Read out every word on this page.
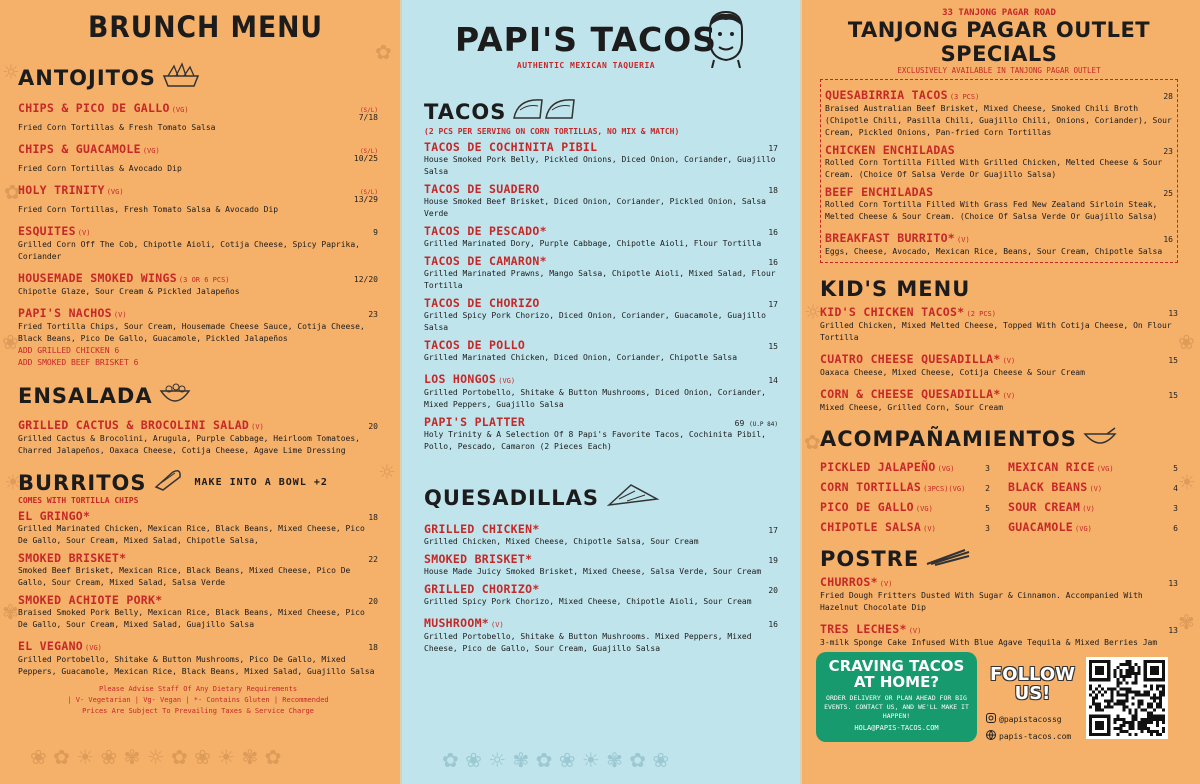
☼
✿
❀
☀
✾
✿
☼
❀ ✿ ☀ ❀ ✾ ☼ ✿ ❀ ☀ ✾ ✿
BRUNCH MENU
ANTOJITOS
CHIPS & PICO DE GALLO (VG)	(S/L)
7/18
Fried Corn Tortillas & Fresh Tomato Salsa
CHIPS & GUACAMOLE (VG)	(S/L)
10/25
Fried Corn Tortillas & Avocado Dip
HOLY TRINITY (VG)	(S/L)
13/29
Fried Corn Tortillas, Fresh Tomato Salsa & Avocado Dip
ESQUITES (V)	9
Grilled Corn Off The Cob, Chipotle Aioli, Cotija Cheese, Spicy Paprika, Coriander
HOUSEMADE SMOKED WINGS (3 OR 6 PCS)	12/20
Chipotle Glaze, Sour Cream & Pickled Jalapeños
PAPI'S NACHOS (V)	23
Fried Tortilla Chips, Sour Cream, Housemade Cheese Sauce, Cotija Cheese, Black Beans, Pico De Gallo, Guacamole, Pickled Jalapeños
ADD GRILLED CHICKEN 6
ADD SMOKED BEEF BRISKET 6
ENSALADA
GRILLED CACTUS & BROCOLINI SALAD (V)	20
Grilled Cactus & Brocolini, Arugula, Purple Cabbage, Heirloom Tomatoes, Charred Jalapeños, Oaxaca Cheese, Cotija Cheese, Agave Lime Dressing
BURRITOS	MAKE INTO A BOWL +2
COMES WITH TORTILLA CHIPS
EL GRINGO*	18
Grilled Marinated Chicken, Mexican Rice, Black Beans, Mixed Cheese, Pico De Gallo, Sour Cream, Mixed Salad, Chipotle Salsa,
SMOKED BRISKET*	22
Smoked Beef Brisket, Mexican Rice, Black Beans, Mixed Cheese, Pico De Gallo, Sour Cream, Mixed Salad, Salsa Verde
SMOKED ACHIOTE PORK*	20
Braised Smoked Pork Belly, Mexican Rice, Black Beans, Mixed Cheese, Pico De Gallo, Sour Cream, Mixed Salad, Guajillo Salsa
EL VEGANO (VG)	18
Grilled Portobello, Shitake & Button Mushrooms, Pico De Gallo, Mixed Peppers, Guacamole, Mexican Rice, Black Beans, Mixed Salad, Guajillo Salsa
Please Advise Staff Of Any Dietary Requirements
| V- Vegetarian | Vg- Vegan | *- Contains Gluten | Recommended
Prices Are Subject To Prevailing Taxes & Service Charge
✿ ❀ ☼ ✾ ✿ ❀ ☀ ✾ ✿ ❀
PAPI'S TACOS
AUTHENTIC MEXICAN TAQUERIA
TACOS
(2 PCS PER SERVING ON CORN TORTILLAS, NO MIX & MATCH)
TACOS DE COCHINITA PIBIL	17
House Smoked Pork Belly, Pickled Onions, Diced Onion, Coriander, Guajillo Salsa
TACOS DE SUADERO	18
House Smoked Beef Brisket, Diced Onion, Coriander, Pickled Onion, Salsa Verde
TACOS DE PESCADO*	16
Grilled Marinated Dory, Purple Cabbage, Chipotle Aioli, Flour Tortilla
TACOS DE CAMARON*	16
Grilled Marinated Prawns, Mango Salsa, Chipotle Aioli, Mixed Salad, Flour Tortilla
TACOS DE CHORIZO	17
Grilled Spicy Pork Chorizo, Diced Onion, Coriander, Guacamole, Guajillo Salsa
TACOS DE POLLO	15
Grilled Marinated Chicken, Diced Onion, Coriander, Chipotle Salsa
LOS HONGOS (VG)	14
Grilled Portobello, Shitake & Button Mushrooms, Diced Onion, Coriander, Mixed Peppers, Guajillo Salsa
PAPI'S PLATTER	69 (U.P 84)
Holy Trinity & A Selection Of 8 Papi's Favorite Tacos, Cochinita Pibil, Pollo, Pescado, Camaron (2 Pieces Each)
QUESADILLAS
GRILLED CHICKEN*	17
Grilled Chicken, Mixed Cheese, Chipotle Salsa, Sour Cream
SMOKED BRISKET*	19
House Made Juicy Smoked Brisket, Mixed Cheese, Salsa Verde, Sour Cream
GRILLED CHORIZO*	20
Grilled Spicy Pork Chorizo, Mixed Cheese, Chipotle Aioli, Sour Cream
MUSHROOM* (V)	16
Grilled Portobello, Shitake & Button Mushrooms. Mixed Peppers, Mixed Cheese, Pico de Gallo, Sour Cream, Guajillo Salsa
☼
✿
❀
☀
✾
33 TANJONG PAGAR ROAD
TANJONG PAGAR OUTLET SPECIALS
EXCLUSIVELY AVAILABLE IN TANJONG PAGAR OUTLET
QUESABIRRIA TACOS (3 PCS)	28
Braised Australian Beef Brisket, Mixed Cheese, Smoked Chili Broth (Chipotle Chili, Pasilla Chili, Guajillo Chili, Onions, Coriander), Sour Cream, Pickled Onions, Pan-fried Corn Tortillas
CHICKEN ENCHILADAS	23
Rolled Corn Tortilla Filled With Grilled Chicken, Melted Cheese & Sour Cream. (Choice Of Salsa Verde Or Guajillo Salsa)
BEEF ENCHILADAS	25
Rolled Corn Tortilla Filled With Grass Fed New Zealand Sirloin Steak, Melted Cheese & Sour Cream. (Choice Of Salsa Verde Or Guajillo Salsa)
BREAKFAST BURRITO* (V)	16
Eggs, Cheese, Avocado, Mexican Rice, Beans, Sour Cream, Chipotle Salsa
KID'S MENU
KID'S CHICKEN TACOS* (2 PCS)	13
Grilled Chicken, Mixed Melted Cheese, Topped With Cotija Cheese, On Flour Tortilla
CUATRO CHEESE QUESADILLA* (V)	15
Oaxaca Cheese, Mixed Cheese, Cotija Cheese & Sour Cream
CORN & CHEESE QUESADILLA* (V)	15
Mixed Cheese, Grilled Corn, Sour Cream
ACOMPAÑAMIENTOS
PICKLED JALAPEÑO (VG)	3 MEXICAN RICE (VG)	5
CORN TORTILLAS (3PCS)(VG) 2 BLACK BEANS (V)	4
PICO DE GALLO (VG)	5 SOUR CREAM (V)	3
CHIPOTLE SALSA (V)	3 GUACAMOLE (VG)	6
POSTRE
CHURROS* (V)	13
Fried Dough Fritters Dusted With Sugar & Cinnamon. Accompanied With Hazelnut Chocolate Dip
TRES LECHES* (V)	13
3-milk Sponge Cake Infused With Blue Agave Tequila & Mixed Berries Jam
CRAVING TACOS AT HOME?
ORDER DELIVERY OR PLAN AHEAD FOR BIG EVENTS. CONTACT US, AND WE'LL MAKE IT HAPPEN!
HOLA@PAPIS-TACOS.COM
FOLLOW US!
@papistacossg
papis-tacos.com
